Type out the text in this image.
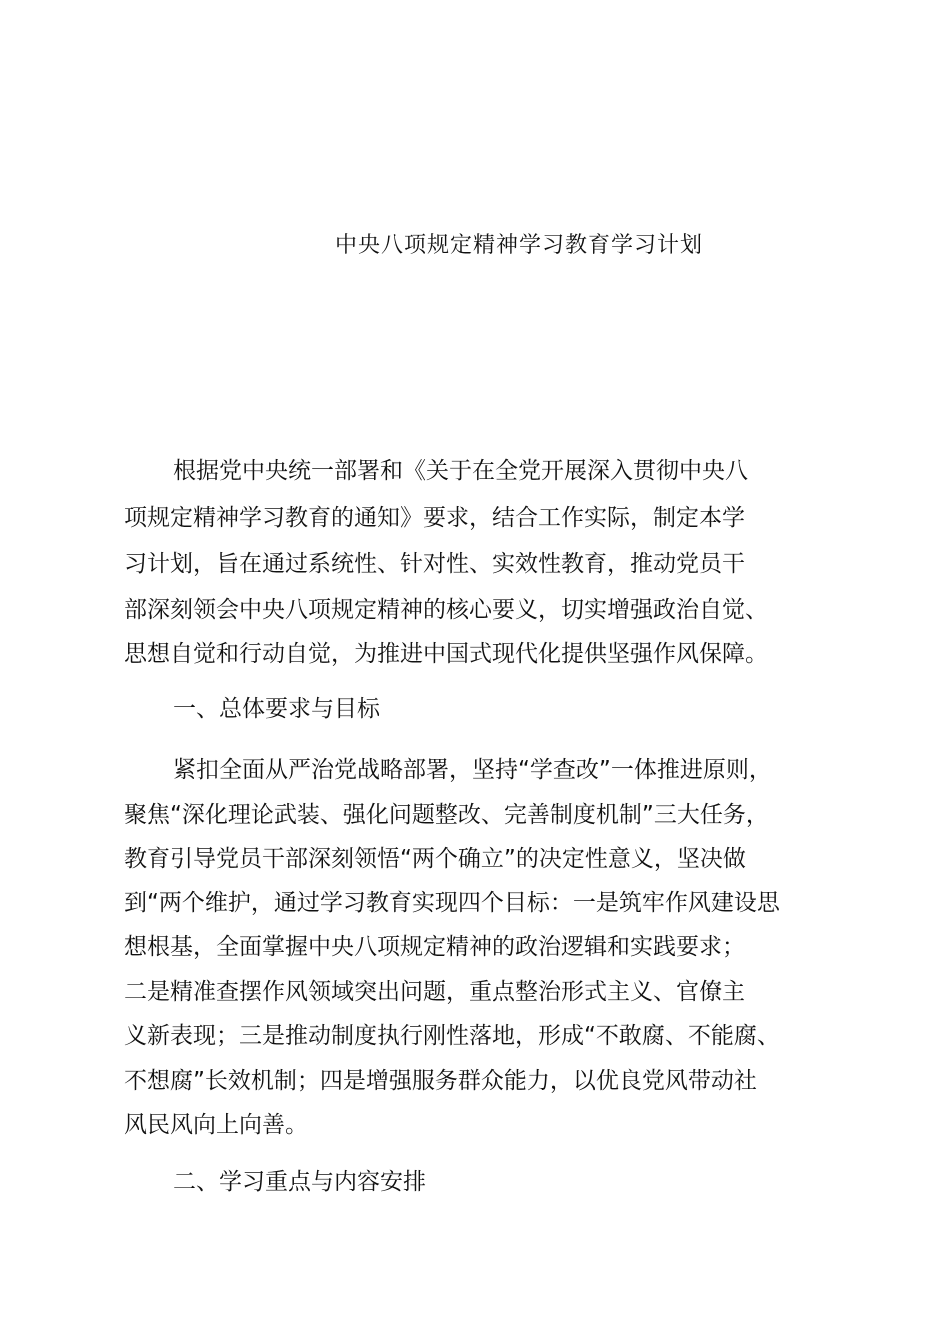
中央八项规定精神学习教育学习计划
根据党中央统一部署和《关于在全党开展深入贯彻中央八
项规定精神学习教育的通知》要求，结合工作实际，制定本学
习计划，旨在通过系统性、针对性、实效性教育，推动党员干
部深刻领会中央八项规定精神的核心要义，切实增强政治自觉、
思想自觉和行动自觉，为推进中国式现代化提供坚强作风保障。
一、总体要求与目标
紧扣全面从严治党战略部署，坚持“学查改”一体推进原则，
聚焦“深化理论武装、强化问题整改、完善制度机制”三大任务，
教育引导党员干部深刻领悟“两个确立”的决定性意义，坚决做
到“两个维护，通过学习教育实现四个目标：一是筑牢作风建设思
想根基，全面掌握中央八项规定精神的政治逻辑和实践要求；
二是精准查摆作风领域突出问题，重点整治形式主义、官僚主
义新表现；三是推动制度执行刚性落地，形成“不敢腐、不能腐、
不想腐”长效机制；四是增强服务群众能力，以优良党风带动社
风民风向上向善。
二、学习重点与内容安排
